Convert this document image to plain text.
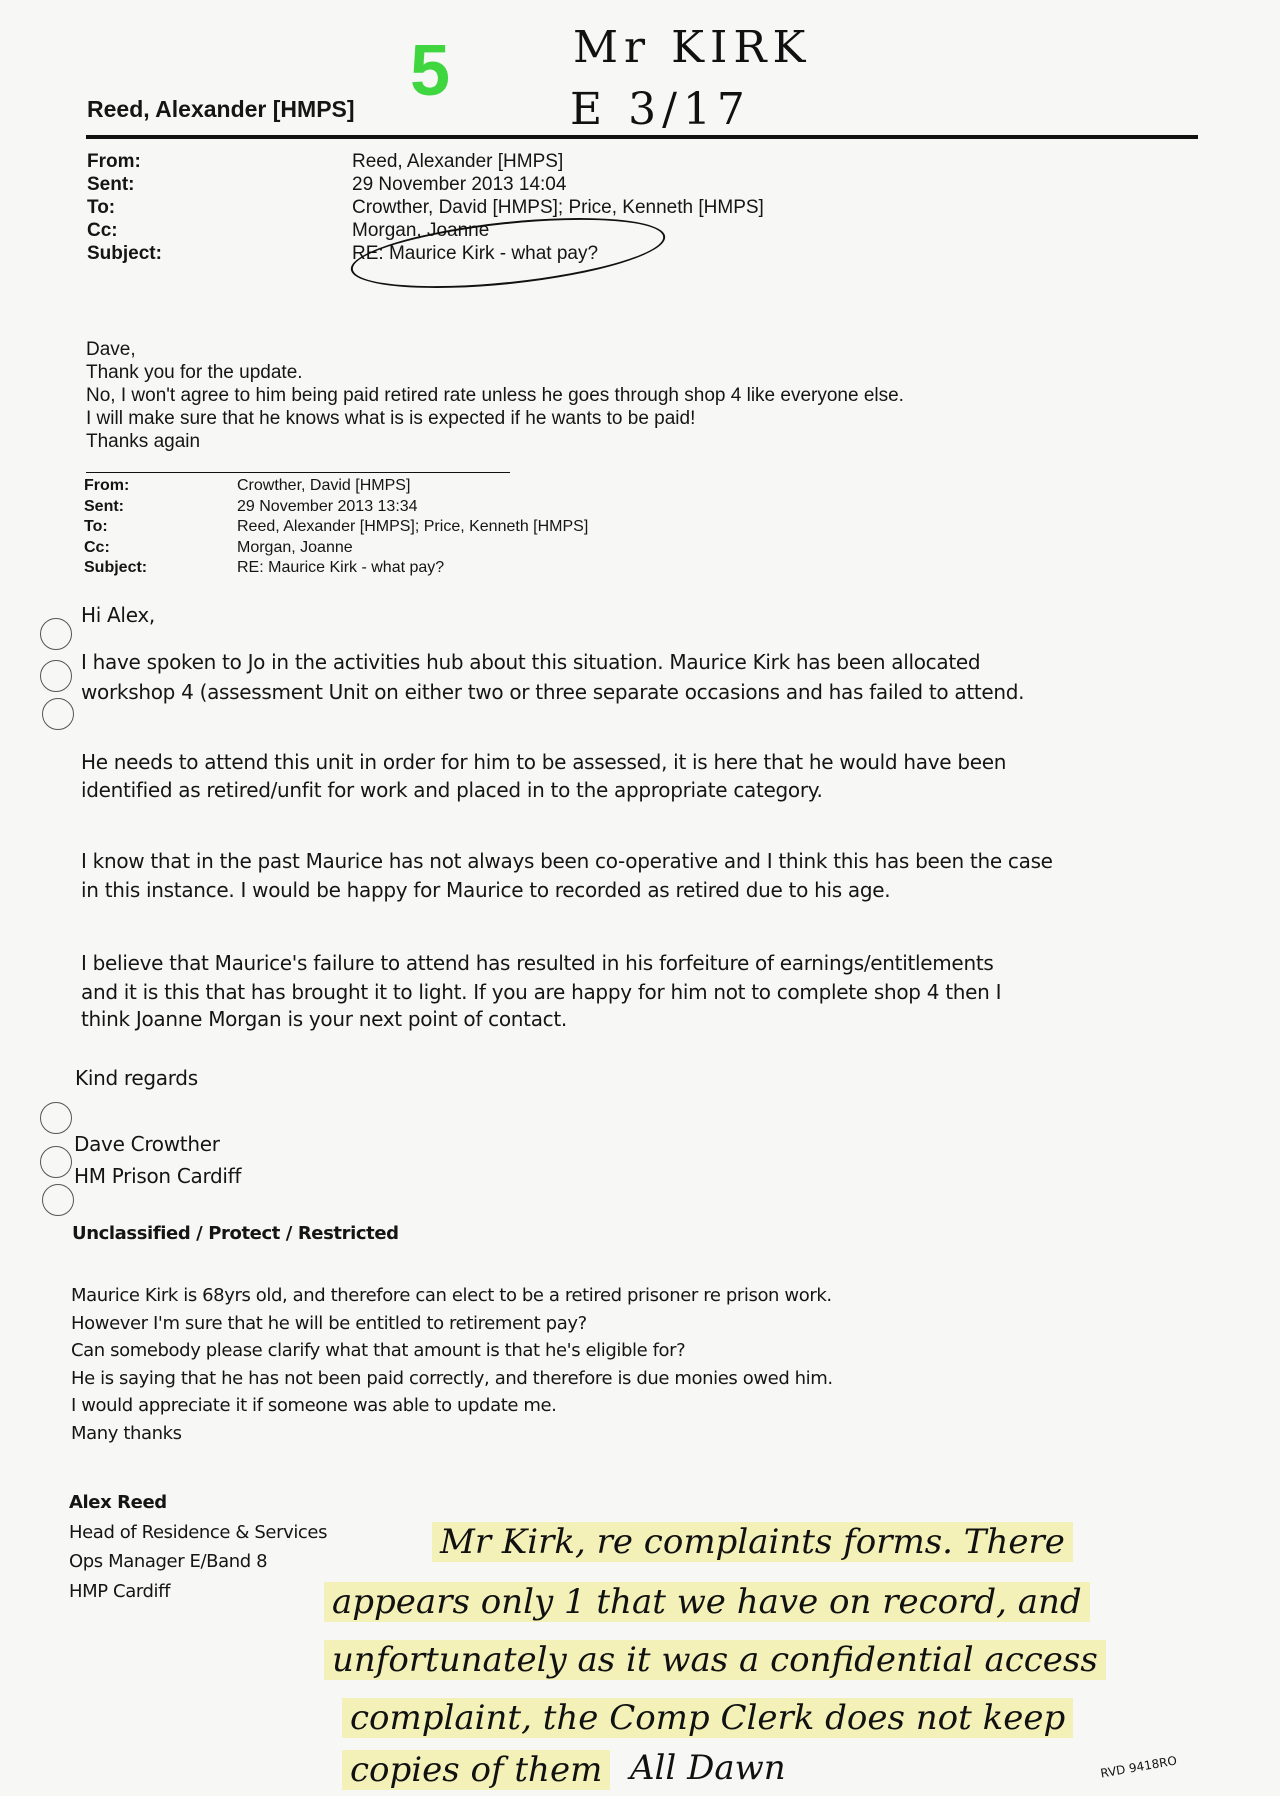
5	Mr KIRK
E 3/17
Reed, Alexander [HMPS]
From:
Sent:
To:
Cc:
Subject:
Reed, Alexander [HMPS]
29 November 2013 14:04
Crowther, David [HMPS]; Price, Kenneth [HMPS]
Morgan, Joanne
RE: Maurice Kirk - what pay?
Dave,
Thank you for the update.
No, I won't agree to him being paid retired rate unless he goes through shop 4 like everyone else.
I will make sure that he knows what is is expected if he wants to be paid!
Thanks again
From:
Sent:
To:
Cc:
Subject:
Crowther, David [HMPS]
29 November 2013 13:34
Reed, Alexander [HMPS]; Price, Kenneth [HMPS]
Morgan, Joanne
RE: Maurice Kirk - what pay?
Hi Alex,
I have spoken to Jo in the activities hub about this situation. Maurice Kirk has been allocated
workshop 4 (assessment Unit on either two or three separate occasions and has failed to attend.
He needs to attend this unit in order for him to be assessed, it is here that he would have been
identified as retired/unfit for work and placed in to the appropriate category.
I know that in the past Maurice has not always been co-operative and I think this has been the case
in this instance. I would be happy for Maurice to recorded as retired due to his age.
I believe that Maurice's failure to attend has resulted in his forfeiture of earnings/entitlements
and it is this that has brought it to light. If you are happy for him not to complete shop 4 then I
think Joanne Morgan is your next point of contact.
Kind regards
Dave Crowther
HM Prison Cardiff
Unclassified / Protect / Restricted
Maurice Kirk is 68yrs old, and therefore can elect to be a retired prisoner re prison work.
However I'm sure that he will be entitled to retirement pay?
Can somebody please clarify what that amount is that he's eligible for?
He is saying that he has not been paid correctly, and therefore is due monies owed him.
I would appreciate it if someone was able to update me.
Many thanks
Alex Reed
Head of Residence & Services
Ops Manager E/Band 8
HMP Cardiff
Mr Kirk, re complaints forms. There
appears only 1 that we have on record, and
unfortunately as it was a confidential access
complaint, the Comp Clerk does not keep
copies of them All Dawn	RVD 9418RO
